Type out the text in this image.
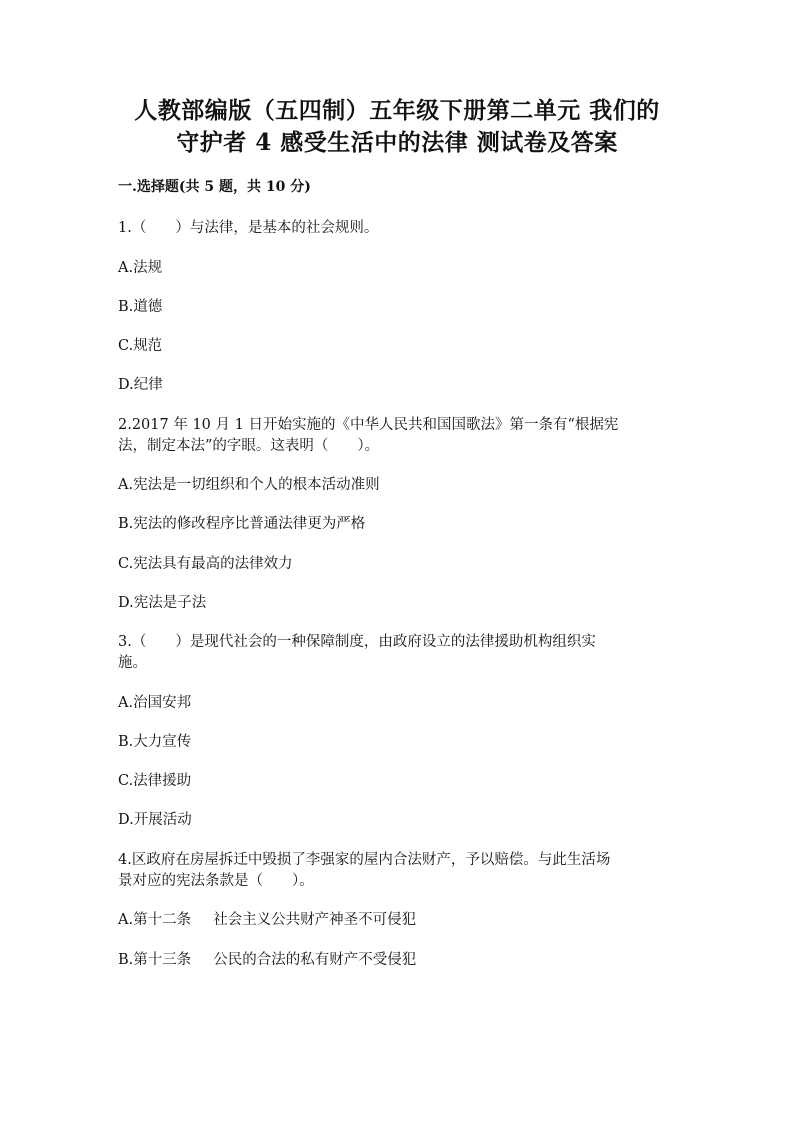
人教部编版（五四制）五年级下册第二单元 我们的
守护者 4 感受生活中的法律 测试卷及答案
一.选择题(共 5 题，共 10 分)
1.（　　）与法律，是基本的社会规则。
A.法规
B.道德
C.规范
D.纪律
2.2017 年 10 月 1 日开始实施的《中华人民共和国国歌法》第一条有“根据宪
法，制定本法”的字眼。这表明（　　）。
A.宪法是一切组织和个人的根本活动准则
B.宪法的修改程序比普通法律更为严格
C.宪法具有最高的法律效力
D.宪法是子法
3.（　　）是现代社会的一种保障制度，由政府设立的法律援助机构组织实
施。
A.治国安邦
B.大力宣传
C.法律援助
D.开展活动
4.区政府在房屋拆迁中毁损了李强家的屋内合法财产，予以赔偿。与此生活场
景对应的宪法条款是（　　）。
A.第十二条 社会主义公共财产神圣不可侵犯
B.第十三条 公民的合法的私有财产不受侵犯
